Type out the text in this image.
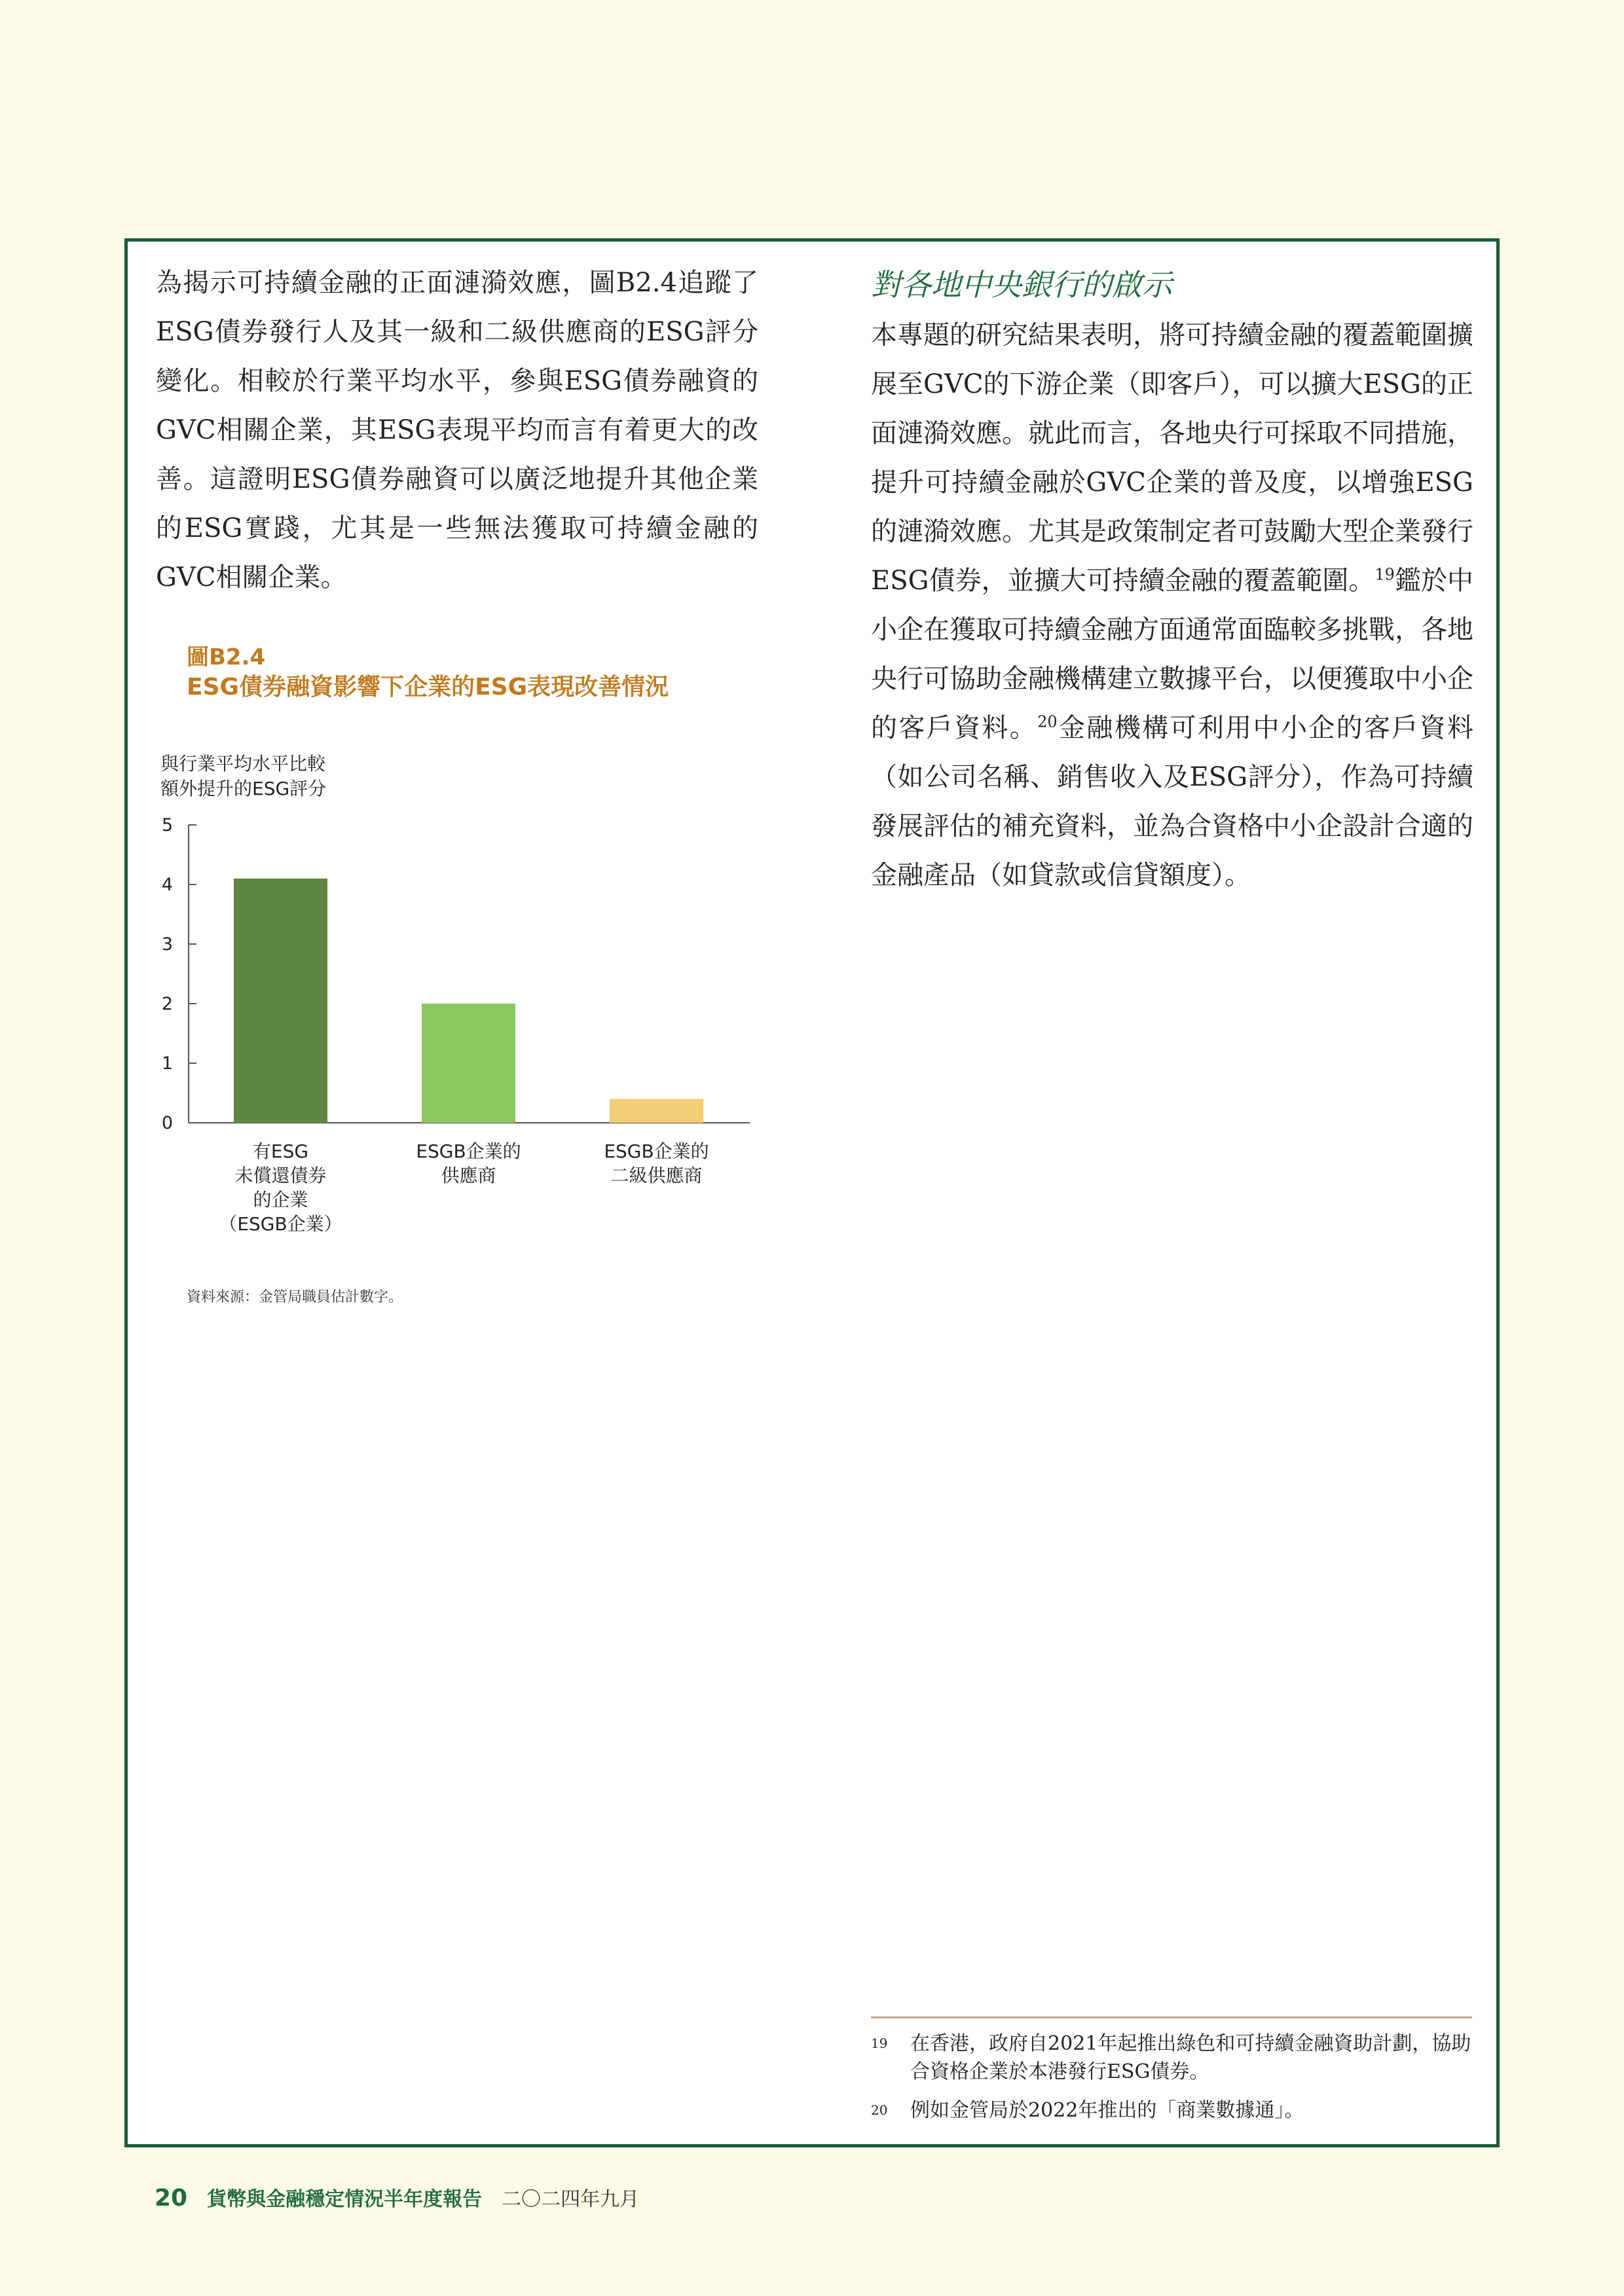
為揭示可持續金融的正面漣漪效應，圖B2.4追蹤了ESG債券發行人及其一級和二級供應商的ESG評分變化。相較於行業平均水平，參與ESG債券融資的GVC相關企業，其ESG表現平均而言有着更大的改善。這證明ESG債券融資可以廣泛地提升其他企業的ESG實踐，尤其是一些無法獲取可持續金融的GVC相關企業。

圖B2.4
ESG債券融資影響下企業的ESG表現改善情況
與行業平均水平比較
額外提升的ESG評分
0
1
2
3
4
5
有ESG
未償還債券
的企業
（ESGB企業）
ESGB企業的
供應商
ESGB企業的
二級供應商
資料來源：金管局職員估計數字。
對各地中央銀行的啟示

本專題的研究結果表明，將可持續金融的覆蓋範圍擴展至GVC的下游企業（即客戶），可以擴大ESG的正面漣漪效應。就此而言，各地央行可採取不同措施，提升可持續金融於GVC企業的普及度，以增強ESG的漣漪效應。尤其是政策制定者可鼓勵大型企業發行ESG債券，並擴大可持續金融的覆蓋範圍。$^{19}$鑑於中小企在獲取可持續金融方面通常面臨較多挑戰，各地央行可協助金融機構建立數據平台，以便獲取中小企的客戶資料。$^{20}$金融機構可利用中小企的客戶資料（如公司名稱、銷售收入及ESG評分），作為可持續發展評估的補充資料，並為合資格中小企設計合適的金融產品（如貸款或信貸額度）。

19 在香港，政府自2021年起推出綠色和可持續金融資助計劃，協助合資格企業於本港發行ESG債券。
20 例如金管局於2022年推出的「商業數據通」。
20 貨幣與金融穩定情況半年度報告 二〇二四年九月
